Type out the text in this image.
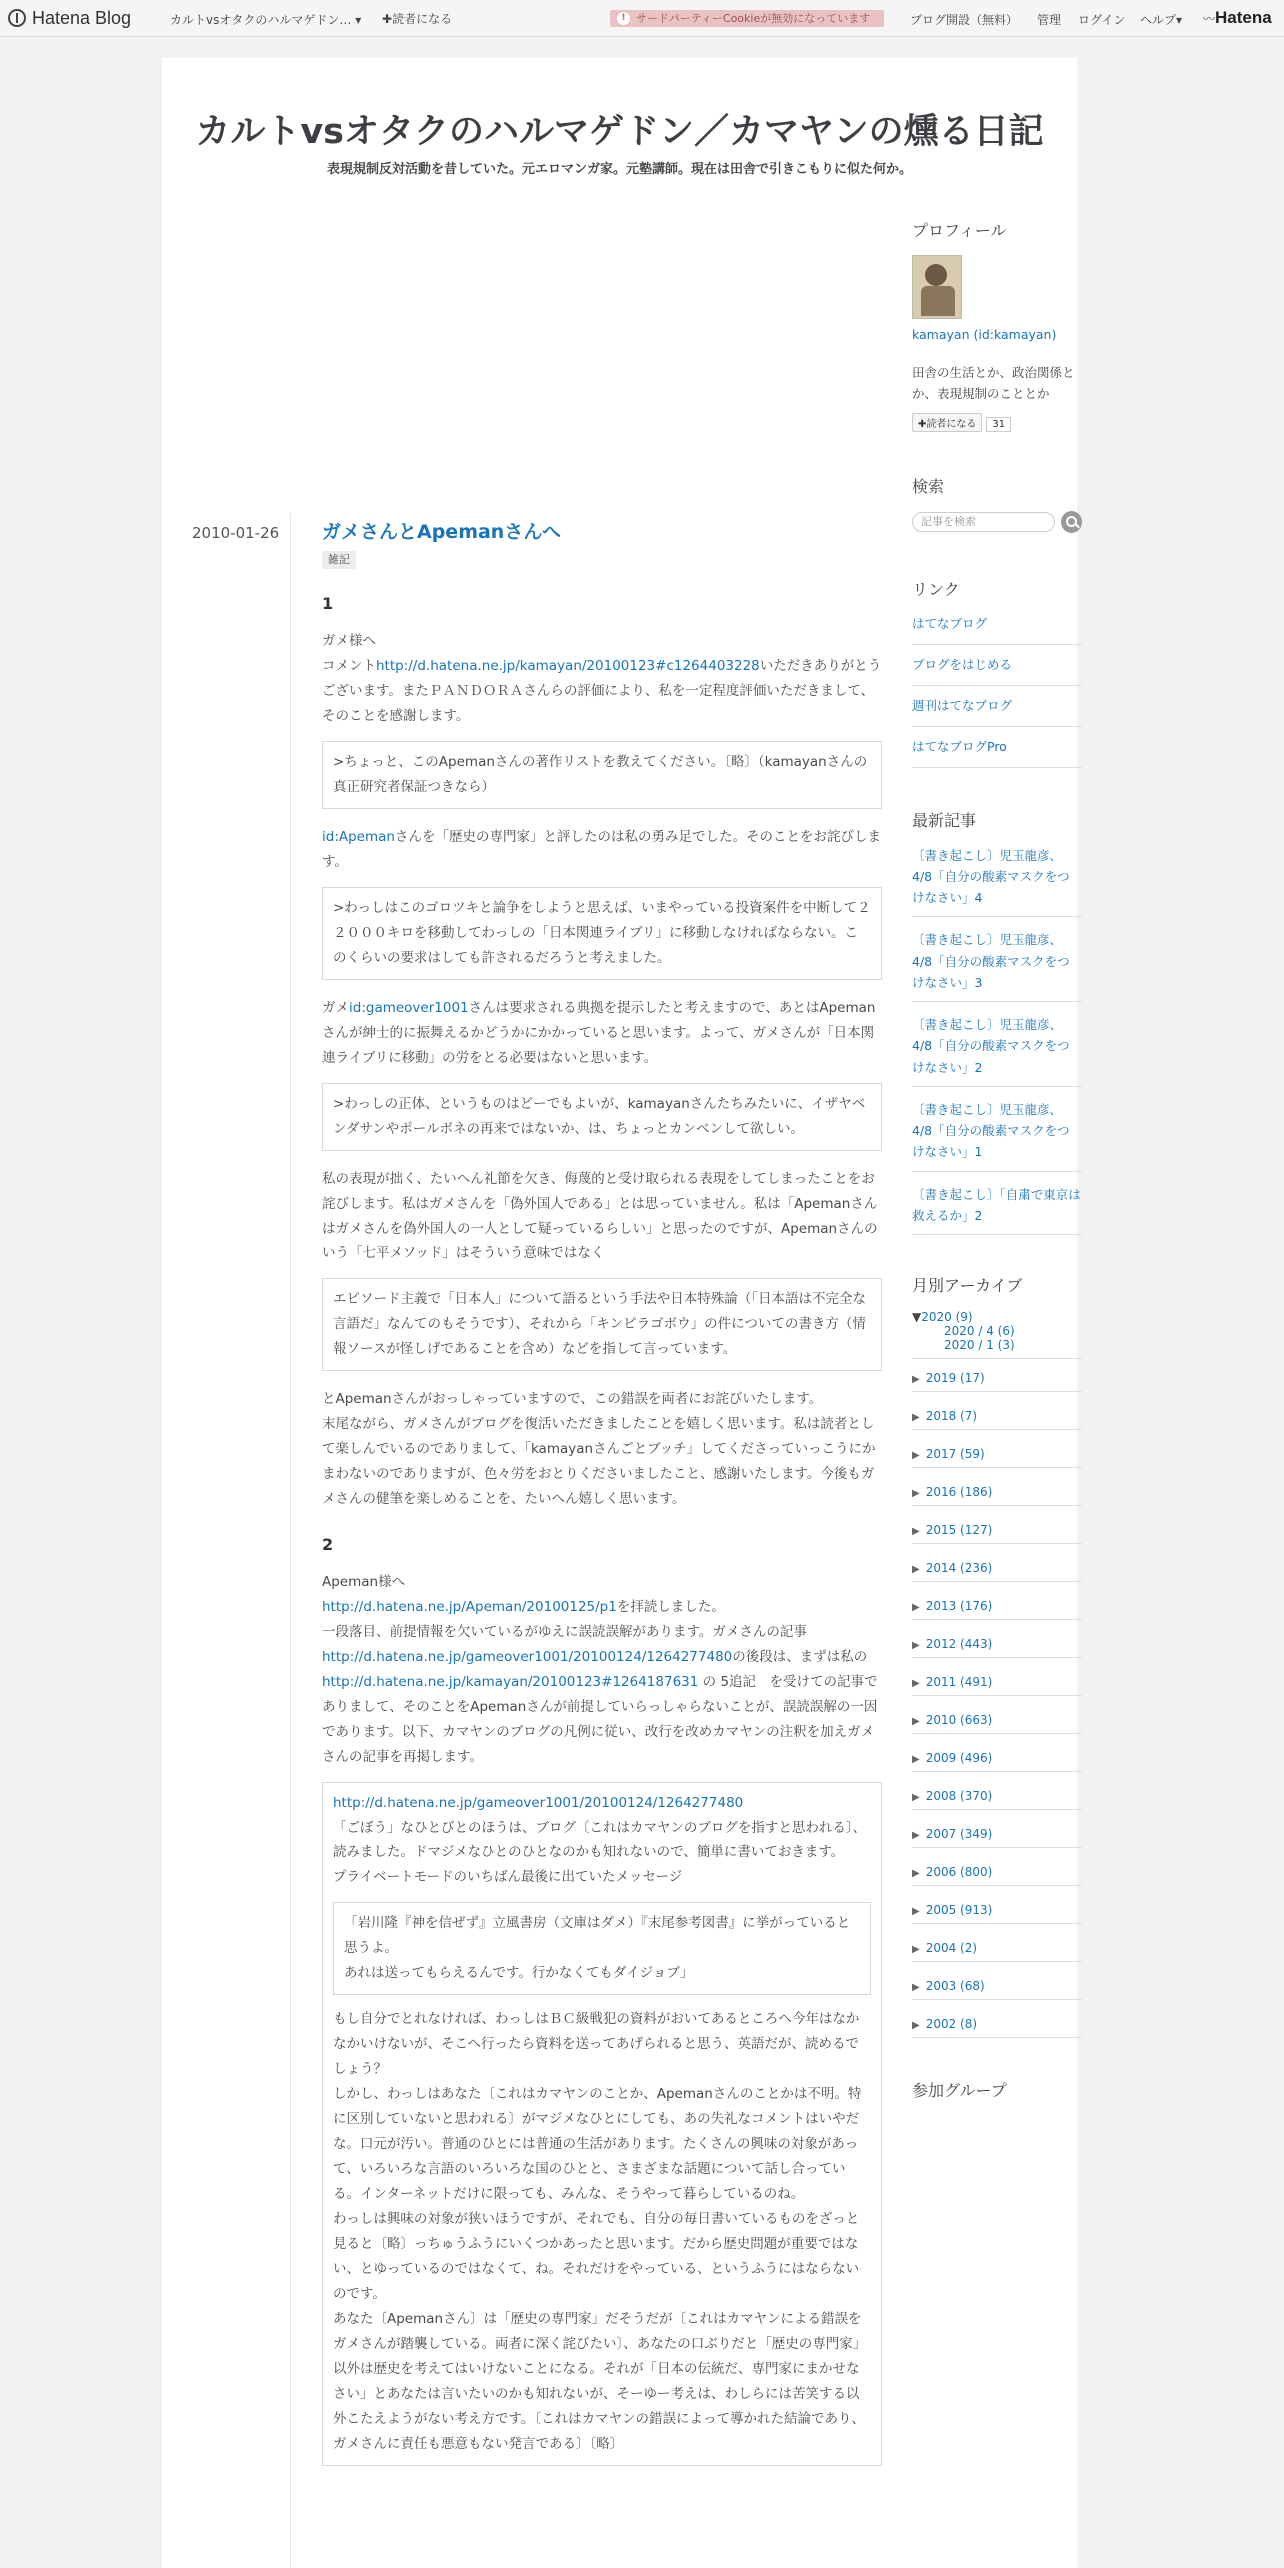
Hatena Blog	カルトvsオタクのハルマゲドン… ▾ ✚読者になる	! サードパーティーCookieが無効になっています	ブログ開設（無料） 管理 ログイン ヘルプ▾ 〰Hatena
カルトvsオタクのハルマゲドン／カマヤンの燻る日記
表現規制反対活動を昔していた。元エロマンガ家。元塾講師。現在は田舎で引きこもりに似た何か。
2010-01-26 ガメさんとApemanさんへ
雑記
1
ガメ様へ
コメントhttp://d.hatena.ne.jp/kamayan/20100123#c1264403228いただきありがとうございます。またＰＡＮＤＯＲＡさんらの評価により、私を一定程度評価いただきまして、そのことを感謝します。
>ちょっと、このApemanさんの著作リストを教えてください。〔略〕（kamayanさんの真正研究者保証つきなら）
id:Apemanさんを「歴史の専門家」と評したのは私の勇み足でした。そのことをお詫びします。
>わっしはこのゴロツキと論争をしようと思えば、いまやっている投資案件を中断して２２０００キロを移動してわっしの「日本関連ライブリ」に移動しなければならない。このくらいの要求はしても許されるだろうと考えました。
ガメid:gameover1001さんは要求される典拠を提示したと考えますので、あとはApemanさんが紳士的に振舞えるかどうかにかかっていると思います。よって、ガメさんが「日本関連ライブリに移動」の労をとる必要はないと思います。
>わっしの正体、というものはどーでもよいが、kamayanさんたちみたいに、イザヤベンダサンやポールボネの再来ではないか、は、ちょっとカンベンして欲しい。
私の表現が拙く、たいへん礼節を欠き、侮蔑的と受け取られる表現をしてしまったことをお詫びします。私はガメさんを「偽外国人である」とは思っていません。私は「Apemanさんはガメさんを偽外国人の一人として疑っているらしい」と思ったのですが、Apemanさんのいう「七平メソッド」はそういう意味ではなく
エピソード主義で「日本人」について語るという手法や日本特殊論（「日本語は不完全な言語だ」なんてのもそうです）、それから「キンピラゴボウ」の件についての書き方（情報ソースが怪しげであることを含め）などを指して言っています。
とApemanさんがおっしゃっていますので、この錯誤を両者にお詫びいたします。
末尾ながら、ガメさんがブログを復活いただきましたことを嬉しく思います。私は読者として楽しんでいるのでありまして、「kamayanさんごとブッチ」してくださっていっこうにかまわないのでありますが、色々労をおとりくださいましたこと、感謝いたします。今後もガメさんの健筆を楽しめることを、たいへん嬉しく思います。
2
Apeman様へ
http://d.hatena.ne.jp/Apeman/20100125/p1を拝読しました。
一段落目、前提情報を欠いているがゆえに誤読誤解があります。ガメさんの記事
http://d.hatena.ne.jp/gameover1001/20100124/1264277480の後段は、まずは私の
http://d.hatena.ne.jp/kamayan/20100123#1264187631 の 5追記　を受けての記事でありまして、そのことをApemanさんが前提していらっしゃらないことが、誤読誤解の一因であります。以下、カマヤンのブログの凡例に従い、改行を改めカマヤンの注釈を加えガメさんの記事を再掲します。
http://d.hatena.ne.jp/gameover1001/20100124/1264277480
「ごぼう」なひとびとのほうは、ブログ〔これはカマヤンのブログを指すと思われる〕、読みました。ドマジメなひとのひとなのかも知れないので、簡単に書いておきます。
プライベートモードのいちばん最後に出ていたメッセージ
「岩川隆『神を信ぜず』立風書房（文庫はダメ）『末尾参考図書』に挙がっていると思うよ。
あれは送ってもらえるんです。行かなくてもダイジョブ」
もし自分でとれなければ、わっしはＢＣ級戦犯の資料がおいてあるところへ今年はなかなかいけないが、そこへ行ったら資料を送ってあげられると思う、英語だが、読めるでしょう？
しかし、わっしはあなた〔これはカマヤンのことか、Apemanさんのことかは不明。特に区別していないと思われる〕がマジメなひとにしても、あの失礼なコメントはいやだな。口元が汚い。普通のひとには普通の生活があります。たくさんの興味の対象があって、いろいろな言語のいろいろな国のひとと、さまざまな話題について話し合っている。インターネットだけに限っても、みんな、そうやって暮らしているのね。
わっしは興味の対象が狭いほうですが、それでも、自分の毎日書いているものをざっと見ると〔略〕っちゅうふうにいくつかあったと思います。だから歴史問題が重要ではない、とゆっているのではなくて、ね。それだけをやっている、というふうにはならないのです。
あなた〔Apemanさん〕は「歴史の専門家」だそうだが〔これはカマヤンによる錯誤をガメさんが踏襲している。両者に深く詫びたい〕、あなたの口ぶりだと「歴史の専門家」以外は歴史を考えてはいけないことになる。それが「日本の伝統だ、専門家にまかせなさい」とあなたは言いたいのかも知れないが、そーゆー考えは、わしらには苦笑する以外こたえようがない考え方です。〔これはカマヤンの錯誤によって導かれた結論であり、ガメさんに責任も悪意もない発言である〕〔略〕
プロフィール
kamayan (id:kamayan)
田舎の生活とか、政治関係とか、表現規制のこととか
✚読者になる 31
検索
記事を検索
リンク
はてなブログ
ブログをはじめる
週刊はてなブログ
はてなブログPro
最新記事
〔書き起こし〕児玉龍彦、4/8「自分の酸素マスクをつけなさい」4
〔書き起こし〕児玉龍彦、4/8「自分の酸素マスクをつけなさい」3
〔書き起こし〕児玉龍彦、4/8「自分の酸素マスクをつけなさい」2
〔書き起こし〕児玉龍彦、4/8「自分の酸素マスクをつけなさい」1
〔書き起こし〕「自粛で東京は救えるか」2
月別アーカイブ
▼2020 (9)
2020 / 4 (6)
2020 / 1 (3)
▶ 2019 (17)
▶ 2018 (7)
▶ 2017 (59)
▶ 2016 (186)
▶ 2015 (127)
▶ 2014 (236)
▶ 2013 (176)
▶ 2012 (443)
▶ 2011 (491)
▶ 2010 (663)
▶ 2009 (496)
▶ 2008 (370)
▶ 2007 (349)
▶ 2006 (800)
▶ 2005 (913)
▶ 2004 (2)
▶ 2003 (68)
▶ 2002 (8)
参加グループ
